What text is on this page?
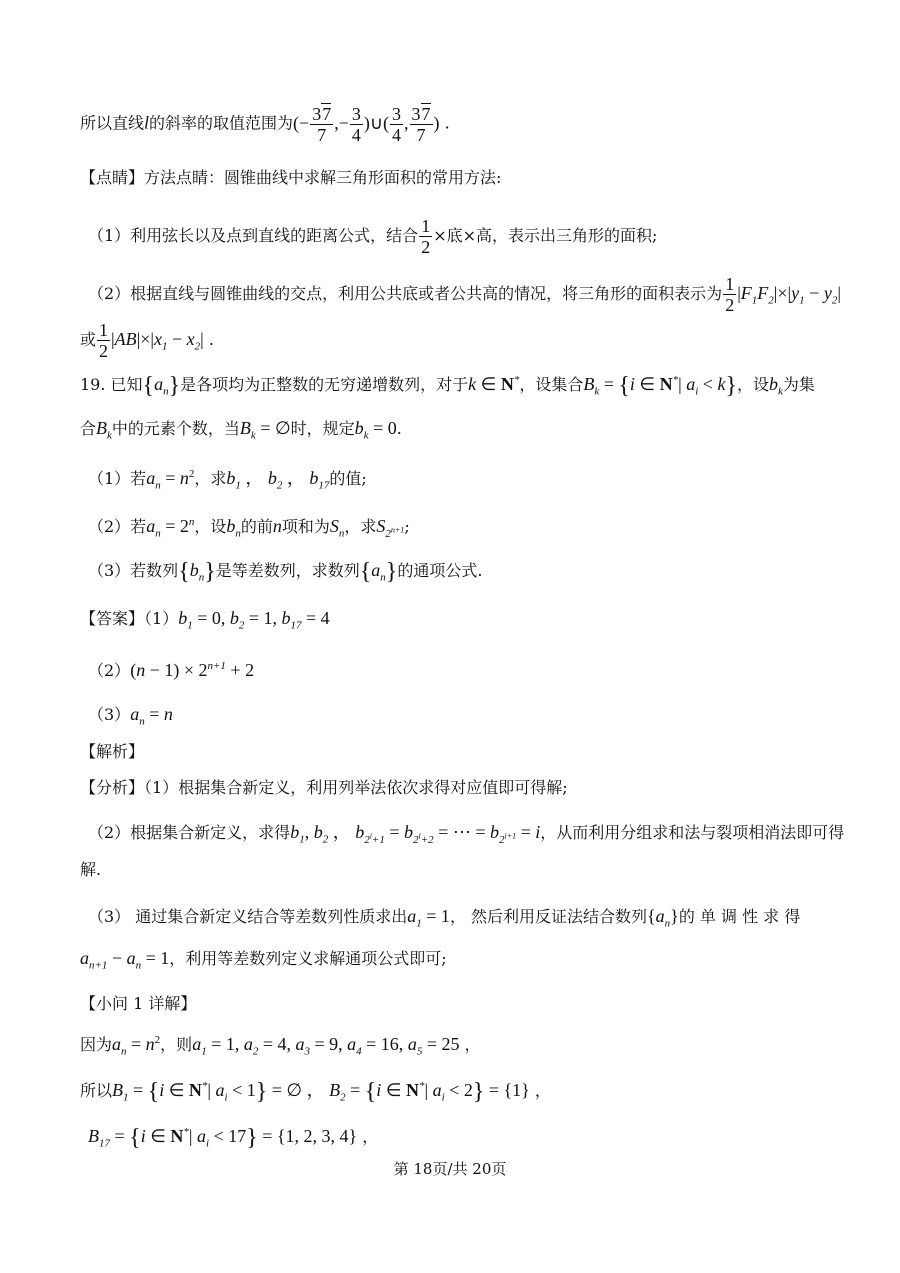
所以直线l的斜率的取值范围为(− $\frac{37}{7}$ ,− $\frac{3}{4}$ )∪( $\frac{3}{4}$ , $\frac{37}{7}$ ) .
【点睛】方法点睛：圆锥曲线中求解三角形面积的常用方法:
（1）利用弦长以及点到直线的距离公式，结合 $\frac{1}{2}$ ×底×高，表示出三角形的面积;
（2）根据直线与圆锥曲线的交点，利用公共底或者公共高的情况，将三角形的面积表示为 $\frac{1}{2} |F_1F_2|\times|y_1 - y_2|$
或 $\frac{1}{2} |AB|\times|x_1 - x_2|$ .
19. 已知$\{a_n\}$是各项均为正整数的无穷递增数列，对于k ∈ N*，设集合$B_k = \{i$ ∈ N*| $a_i < k$}，设$b_k$为集
合$B_k$中的元素个数，当$B_k$ = ∅时，规定$b_k = 0$.
（1）若$a_n = n^2$，求$b_1$ ， $b_2$ ， $b_{17}$的值;
（2）若$a_n = 2^n$，设$b_n$的前n项和为$S_n$，求$S_{2^{n+1}}$;
（3）若数列$\{b_n\}$是等差数列，求数列$\{a_n\}$的通项公式.
【答案】$(1)b_1 = 0$, $b_2 = 1$, $b_{17} = 4$
$(2)(n - 1) \times 2^{n+1} + 2$
$(3)a_n = n$
【解析】
【分析】（1）根据集合新定义，利用列举法依次求得对应值即可得解;
（2）根据集合新定义，求得$b_1$, $b_2$ ， $b_{2^i+1} = b_{2^i+2}$ = ⋯ = $b_{2^{i+1}} = i$，从而利用分组求和法与裂项相消法即可得
解.
（3） 通过集合新定义结合等差数列性质求出$a_1 = 1$， 然后利用反证法结合数列$\{a_n\}$的 单 调 性 求 得
$a_{n+1} - a_n = 1$，利用等差数列定义求解通项公式即可;
【小问 1 详解】
因为$a_n = n^2$，则$a_1 = 1$, $a_2 = 4$, $a_3 = 9$, $a_4 = 16$, $a_5 = 25$ ，
所以$B_1 = \{i$ ∈ N*| $a_i < 1$} = ∅ ， $B_2 = \{i$ ∈ N*| $a_i < 2\} = \{1\}$ ，
$B_{17} = \{i$ ∈ N*| $a_i < 17\} = \{1$, 2, 3, 4} ，
第 18页/共 20页
